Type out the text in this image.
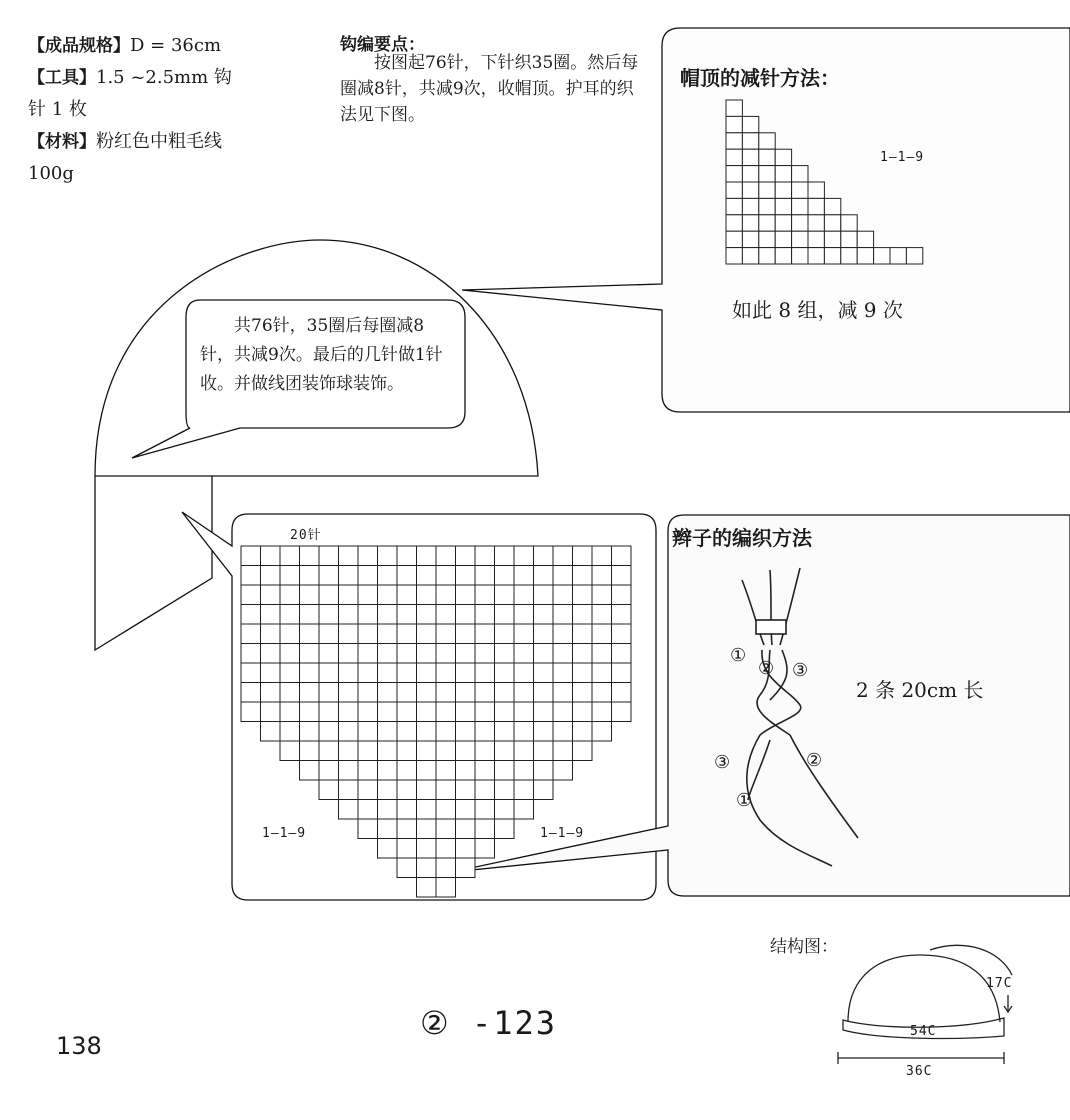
【成品规格】D = 36cm
【工具】1.5 ~2.5mm 钩
针 1 枚
【材料】粉红色中粗毛线
100g
钩编要点：
按图起76针，下针织35圈。然后每圈减8针，共减9次，收帽顶。护耳的织法见下图。
共76针，35圈后每圈减8针，共减9次。最后的几针做1针收。并做线团装饰球装饰。
帽顶的减针方法：
1—1—9
如此 8 组，减 9 次
20针
1—1—9	1—1—9
辫子的编织方法
①
② ③
③	②
①
2 条 20cm 长
结构图：
17C
54C
36C
138
② -123
